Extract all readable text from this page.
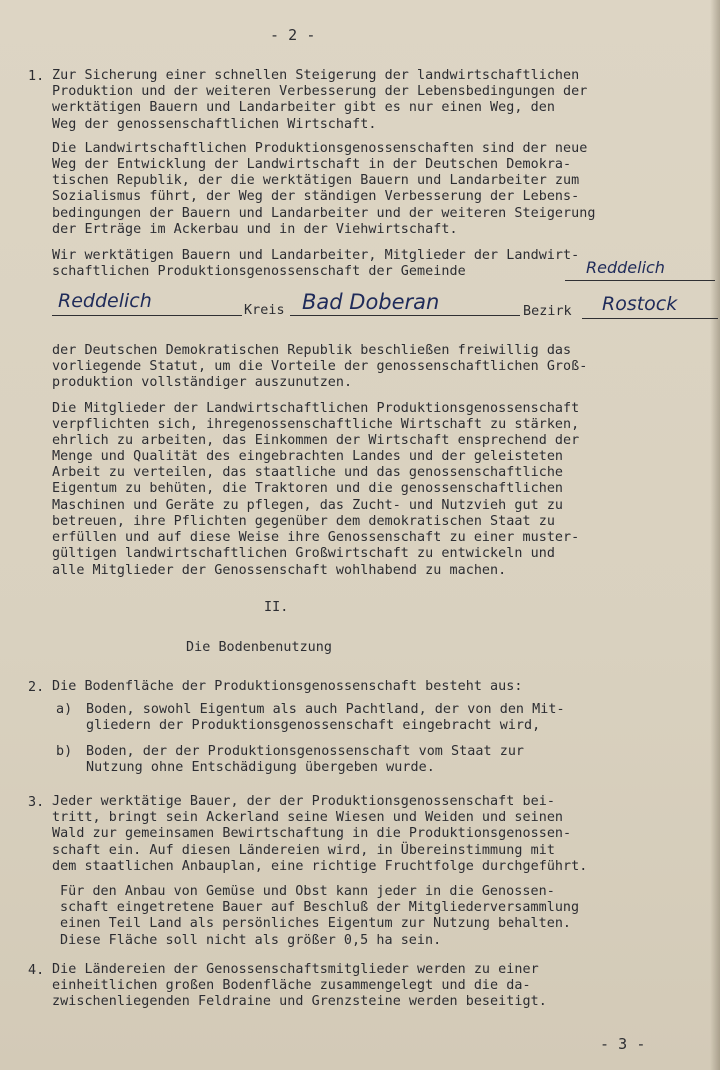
- 2 -
1. Zur Sicherung einer schnellen Steigerung der landwirtschaftlichen
Produktion und der weiteren Verbesserung der Lebensbedingungen der
werktätigen Bauern und Landarbeiter gibt es nur einen Weg, den
Weg der genossenschaftlichen Wirtschaft.
Die Landwirtschaftlichen Produktionsgenossenschaften sind der neue
Weg der Entwicklung der Landwirtschaft in der Deutschen Demokra-
tischen Republik, der die werktätigen Bauern und Landarbeiter zum
Sozialismus führt, der Weg der ständigen Verbesserung der Lebens-
bedingungen der Bauern und Landarbeiter und der weiteren Steigerung
der Erträge im Ackerbau und in der Viehwirtschaft.
Wir werktätigen Bauern und Landarbeiter, Mitglieder der Landwirt-
schaftlichen Produktionsgenossenschaft der Gemeinde	Reddelich
Reddelich	Kreis Bad Doberan	Bezirk Rostock
der Deutschen Demokratischen Republik beschließen freiwillig das
vorliegende Statut, um die Vorteile der genossenschaftlichen Groß-
produktion vollständiger auszunutzen.
Die Mitglieder der Landwirtschaftlichen Produktionsgenossenschaft
verpflichten sich, ihregenossenschaftliche Wirtschaft zu stärken,
ehrlich zu arbeiten, das Einkommen der Wirtschaft ensprechend der
Menge und Qualität des eingebrachten Landes und der geleisteten
Arbeit zu verteilen, das staatliche und das genossenschaftliche
Eigentum zu behüten, die Traktoren und die genossenschaftlichen
Maschinen und Geräte zu pflegen, das Zucht- und Nutzvieh gut zu
betreuen, ihre Pflichten gegenüber dem demokratischen Staat zu
erfüllen und auf diese Weise ihre Genossenschaft zu einer muster-
gültigen landwirtschaftlichen Großwirtschaft zu entwickeln und
alle Mitglieder der Genossenschaft wohlhabend zu machen.
II.
Die Bodenbenutzung
2. Die Bodenfläche der Produktionsgenossenschaft besteht aus:
a) Boden, sowohl Eigentum als auch Pachtland, der von den Mit-
gliedern der Produktionsgenossenschaft eingebracht wird,
b) Boden, der der Produktionsgenossenschaft vom Staat zur
Nutzung ohne Entschädigung übergeben wurde.
3. Jeder werktätige Bauer, der der Produktionsgenossenschaft bei-
tritt, bringt sein Ackerland seine Wiesen und Weiden und seinen
Wald zur gemeinsamen Bewirtschaftung in die Produktionsgenossen-
schaft ein. Auf diesen Ländereien wird, in Übereinstimmung mit
dem staatlichen Anbauplan, eine richtige Fruchtfolge durchgeführt.
Für den Anbau von Gemüse und Obst kann jeder in die Genossen-
schaft eingetretene Bauer auf Beschluß der Mitgliederversammlung
einen Teil Land als persönliches Eigentum zur Nutzung behalten.
Diese Fläche soll nicht als größer 0,5 ha sein.
4. Die Ländereien der Genossenschaftsmitglieder werden zu einer
einheitlichen großen Bodenfläche zusammengelegt und die da-
zwischenliegenden Feldraine und Grenzsteine werden beseitigt.
- 3 -
